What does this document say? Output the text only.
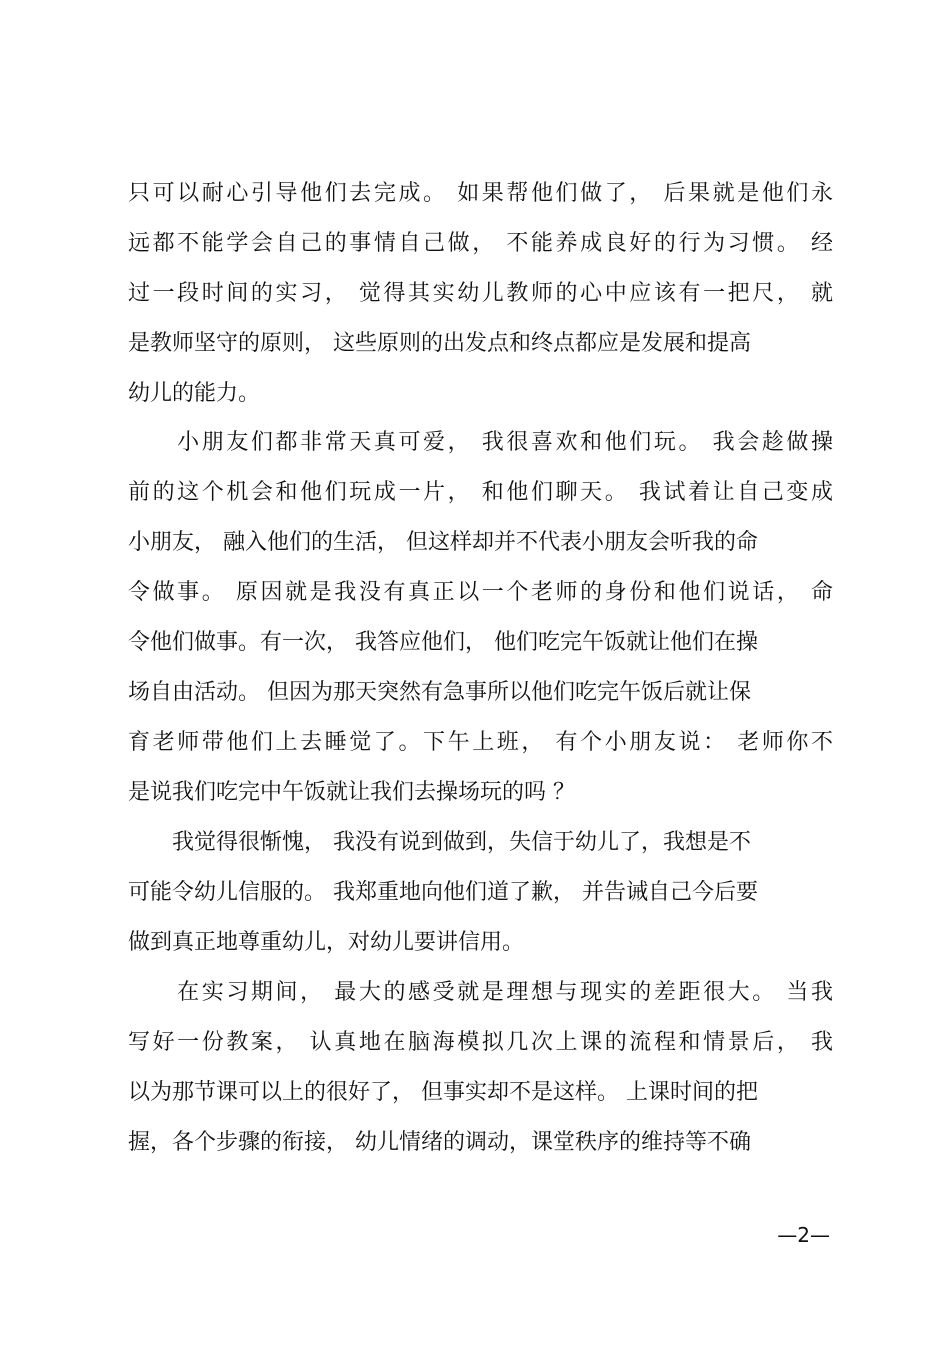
只可以耐心引导他们去完成。 如果帮他们做了， 后果就是他们永
远都不能学会自己的事情自己做， 不能养成良好的行为习惯。 经
过一段时间的实习， 觉得其实幼儿教师的心中应该有一把尺， 就
是教师坚守的原则， 这些原则的出发点和终点都应是发展和提高
幼儿的能力。
　　小朋友们都非常天真可爱， 我很喜欢和他们玩。 我会趁做操
前的这个机会和他们玩成一片， 和他们聊天。 我试着让自己变成
小朋友， 融入他们的生活， 但这样却并不代表小朋友会听我的命
令做事。 原因就是我没有真正以一个老师的身份和他们说话， 命
令他们做事。有一次， 我答应他们， 他们吃完午饭就让他们在操
场自由活动。 但因为那天突然有急事所以他们吃完午饭后就让保
育老师带他们上去睡觉了。下午上班， 有个小朋友说： 老师你不
是说我们吃完中午饭就让我们去操场玩的吗 ？
　　我觉得很惭愧， 我没有说到做到，失信于幼儿了，我想是不
可能令幼儿信服的。 我郑重地向他们道了歉， 并告诫自己今后要
做到真正地尊重幼儿，对幼儿要讲信用。
　　在实习期间， 最大的感受就是理想与现实的差距很大。 当我
写好一份教案， 认真地在脑海模拟几次上课的流程和情景后， 我
以为那节课可以上的很好了， 但事实却不是这样。 上课时间的把
握，各个步骤的衔接， 幼儿情绪的调动，课堂秩序的维持等不确
—2—
